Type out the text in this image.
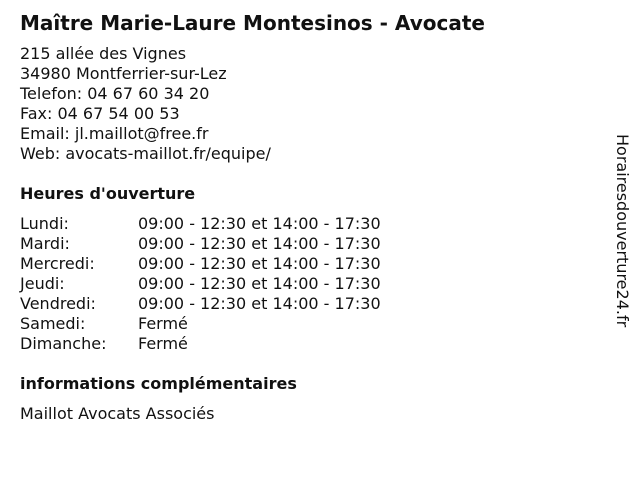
Maître Marie-Laure Montesinos - Avocate
215 allée des Vignes
34980 Montferrier-sur-Lez
Telefon: 04 67 60 34 20
Fax: 04 67 54 00 53
Email: jl.maillot@free.fr
Web: avocats-maillot.fr/equipe/
Heures d'ouverture
Lundi:	09:00 - 12:30 et 14:00 - 17:30
Mardi:	09:00 - 12:30 et 14:00 - 17:30
Mercredi:	09:00 - 12:30 et 14:00 - 17:30
Jeudi:	09:00 - 12:30 et 14:00 - 17:30
Vendredi:	09:00 - 12:30 et 14:00 - 17:30
Samedi:	Fermé
Dimanche:	Fermé
informations complémentaires
Maillot Avocats Associés
Horairesdouverture24.fr
